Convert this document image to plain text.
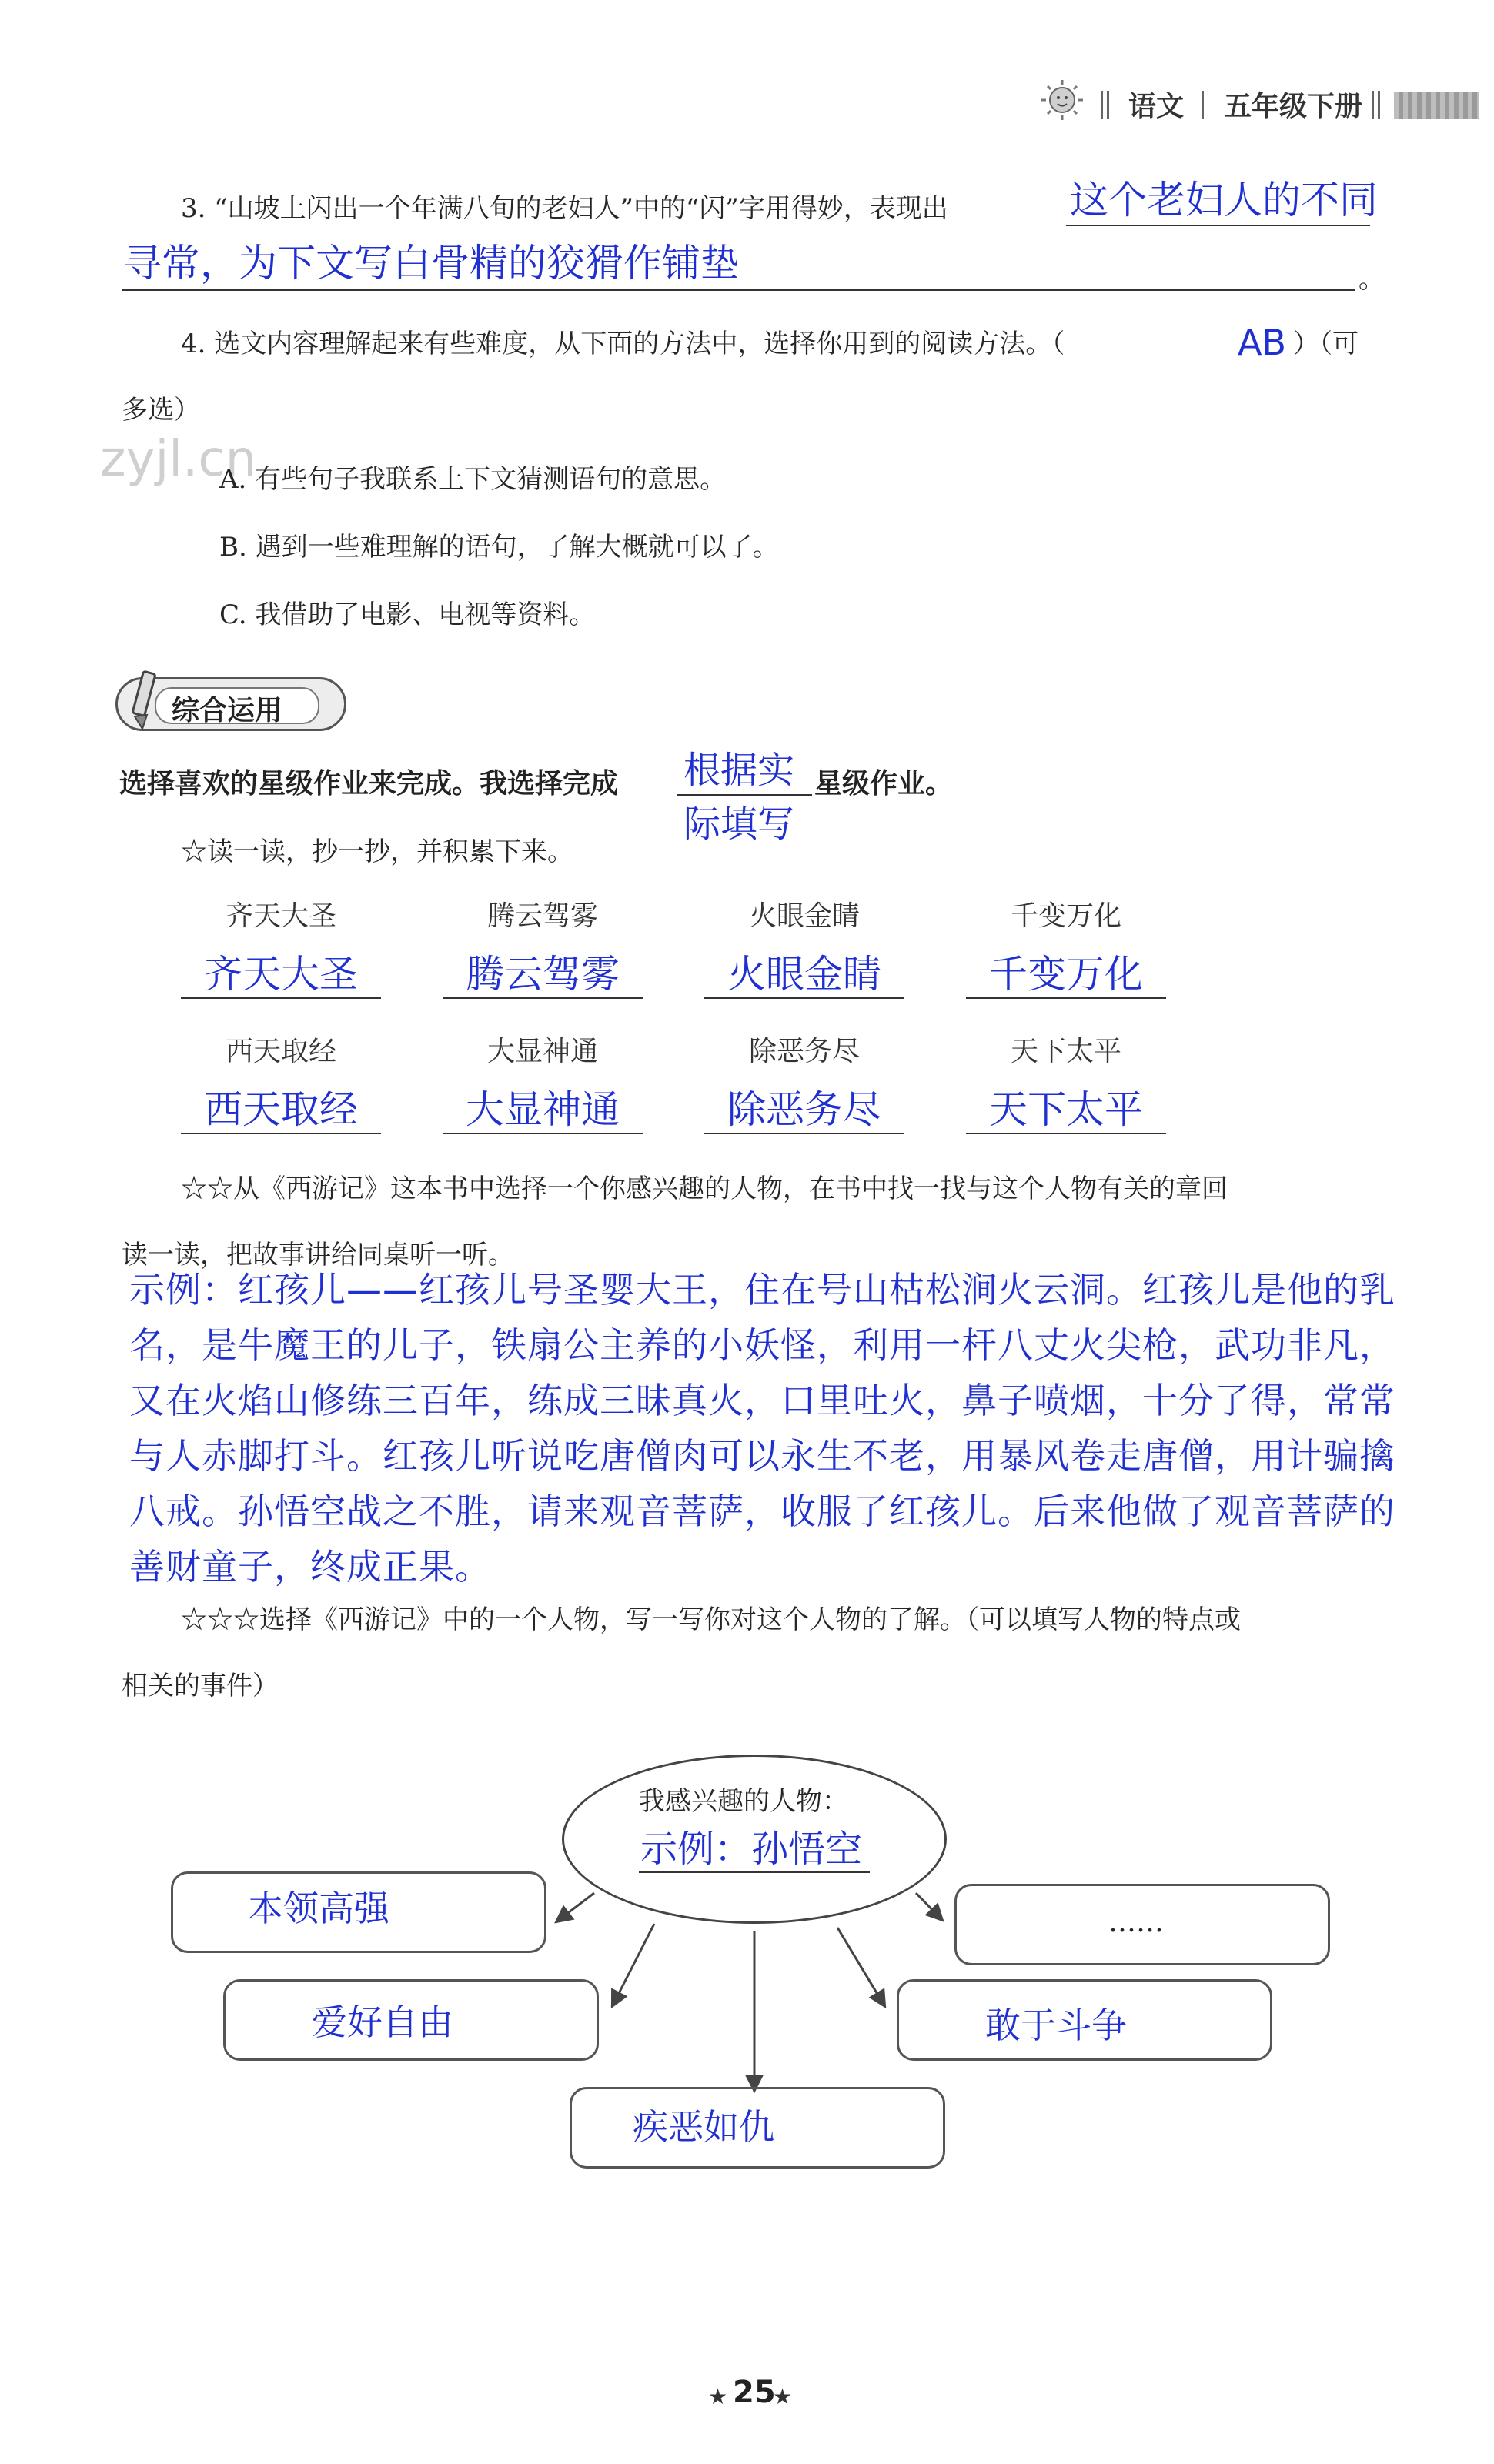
语文 五年级下册
3. “山坡上闪出一个年满八旬的老妇人”中的“闪”字用得妙，表现出	这个老妇人的不同
寻常，为下文写白骨精的狡猾作铺垫	。
4. 选文内容理解起来有些难度，从下面的方法中，选择你用到的阅读方法。（	AB ）（可
多选）
zyjl.cn
A. 有些句子我联系上下文猜测语句的意思。
B. 遇到一些难理解的语句，了解大概就可以了。
C. 我借助了电影、电视等资料。
综合运用
选择喜欢的星级作业来完成。我选择完成 根据实
际填写
星级作业。
☆读一读，抄一抄，并积累下来。
齐天大圣	腾云驾雾	火眼金睛	千变万化
齐天大圣	腾云驾雾	火眼金睛	千变万化
西天取经	大显神通	除恶务尽	天下太平
西天取经	大显神通	除恶务尽	天下太平
☆☆从《西游记》这本书中选择一个你感兴趣的人物，在书中找一找与这个人物有关的章回
读一读，把故事讲给同桌听一听。
示例：红孩儿——红孩儿号圣婴大王，住在号山枯松涧火云洞。红孩儿是他的乳名，是牛魔王的儿子，铁扇公主养的小妖怪，利用一杆八丈火尖枪，武功非凡，又在火焰山修练三百年，练成三昧真火，口里吐火，鼻子喷烟，十分了得，常常与人赤脚打斗。红孩儿听说吃唐僧肉可以永生不老，用暴风卷走唐僧，用计骗擒八戒。孙悟空战之不胜，请来观音菩萨，收服了红孩儿。后来他做了观音菩萨的善财童子，终成正果。
☆☆☆选择《西游记》中的一个人物，写一写你对这个人物的了解。（可以填写人物的特点或
相关的事件）
我感兴趣的人物：
示例：孙悟空
本领高强
爱好自由
疾恶如仇
敢于斗争
……
★ 25
★
